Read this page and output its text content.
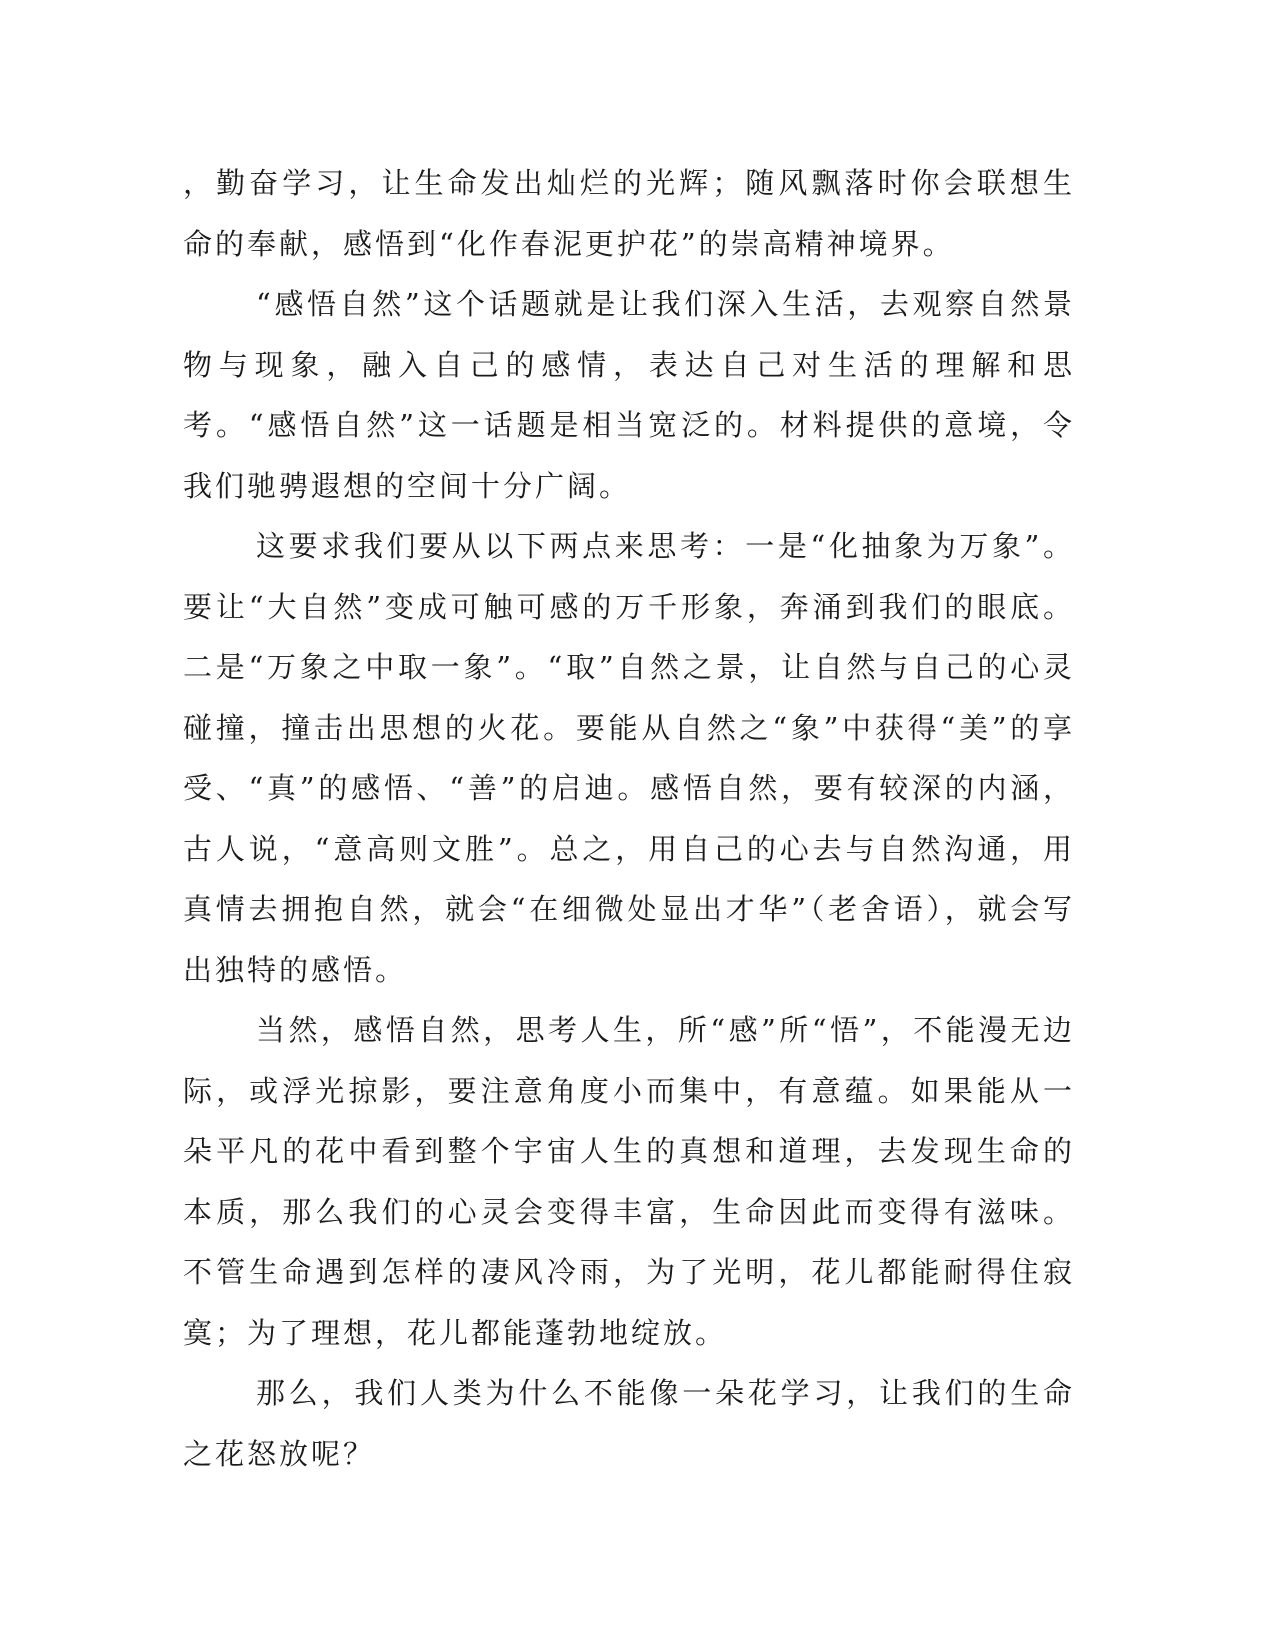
，勤奋学习，让生命发出灿烂的光辉；随风飘落时你会联想生命的奉献，感悟到“化作春泥更护花”的崇高精神境界。

“感悟自然”这个话题就是让我们深入生活，去观察自然景物与现象，融入自己的感情，表达自己对生活的理解和思考。“感悟自然”这一话题是相当宽泛的。材料提供的意境，令我们驰骋遐想的空间十分广阔。

这要求我们要从以下两点来思考：一是“化抽象为万象”。要让“大自然”变成可触可感的万千形象，奔涌到我们的眼底。二是“万象之中取一象”。“取”自然之景，让自然与自己的心灵碰撞，撞击出思想的火花。要能从自然之“象”中获得“美”的享受、“真”的感悟、“善”的启迪。感悟自然，要有较深的内涵，古人说，“意高则文胜”。总之，用自己的心去与自然沟通，用真情去拥抱自然，就会“在细微处显出才华”（老舍语），就会写出独特的感悟。

当然，感悟自然，思考人生，所“感”所“悟”，不能漫无边际，或浮光掠影，要注意角度小而集中，有意蕴。如果能从一朵平凡的花中看到整个宇宙人生的真想和道理，去发现生命的本质，那么我们的心灵会变得丰富，生命因此而变得有滋味。不管生命遇到怎样的凄风冷雨，为了光明，花儿都能耐得住寂寞；为了理想，花儿都能蓬勃地绽放。

那么，我们人类为什么不能像一朵花学习，让我们的生命之花怒放呢？
